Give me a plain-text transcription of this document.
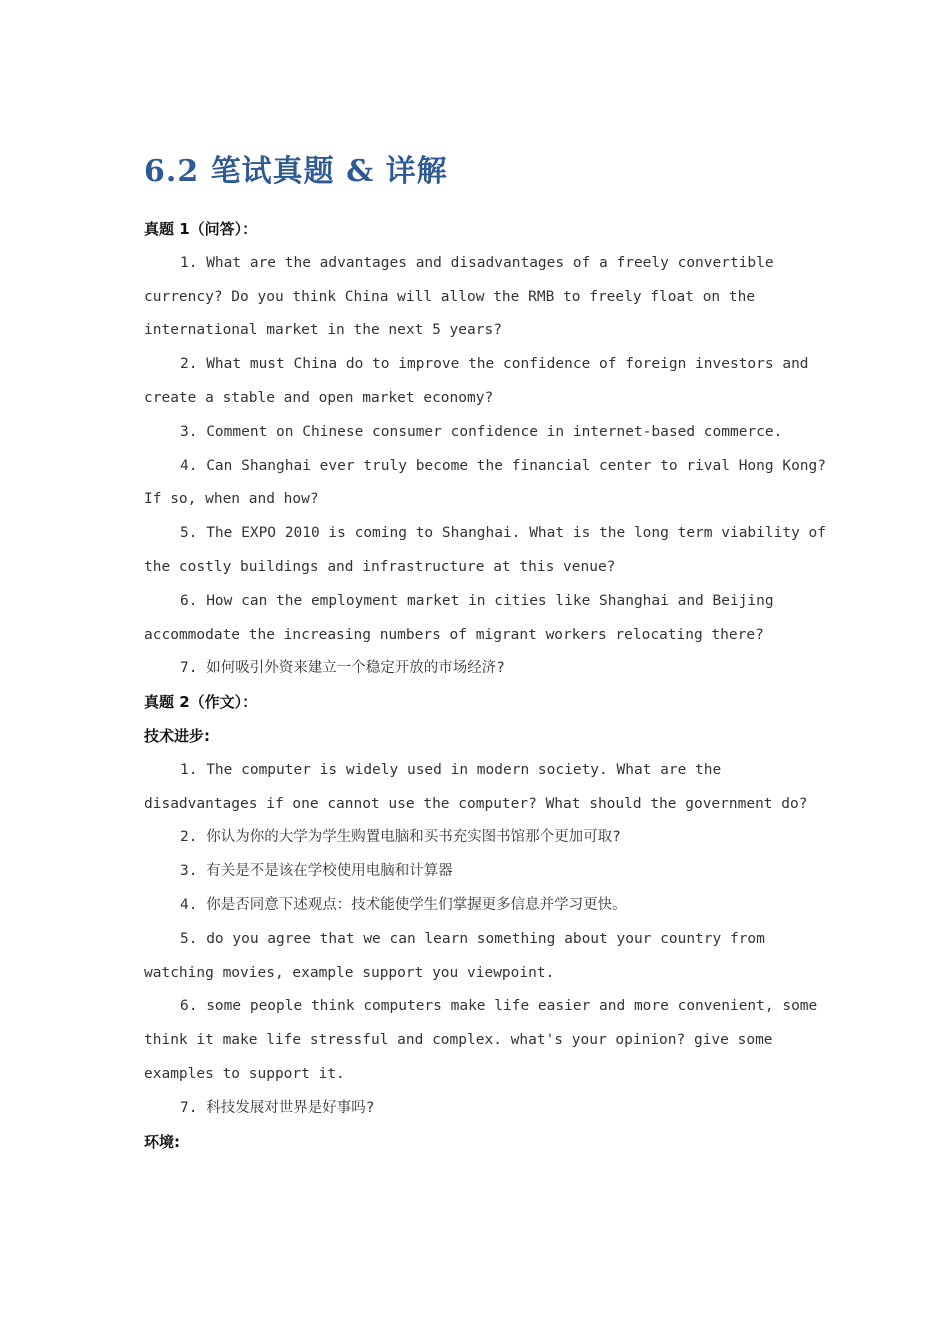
6.2 笔试真题 & 详解
真题 1（问答）：
1. What are the advantages and disadvantages of a freely convertible
currency? Do you think China will allow the RMB to freely float on the
international market in the next 5 years?
2. What must China do to improve the confidence of foreign investors and
create a stable and open market economy?
3. Comment on Chinese consumer confidence in internet-based commerce.
4. Can Shanghai ever truly become the financial center to rival Hong Kong?
If so, when and how?
5. The EXPO 2010 is coming to Shanghai. What is the long term viability of
the costly buildings and infrastructure at this venue?
6. How can the employment market in cities like Shanghai and Beijing
accommodate the increasing numbers of migrant workers relocating there?
7. 如何吸引外资来建立一个稳定开放的市场经济?
真题 2（作文）：
技术进步:
1. The computer is widely used in modern society. What are the
disadvantages if one cannot use the computer? What should the government do?
2. 你认为你的大学为学生购置电脑和买书充实图书馆那个更加可取?
3. 有关是不是该在学校使用电脑和计算器
4. 你是否同意下述观点：技术能使学生们掌握更多信息并学习更快。
5. do you agree that we can learn something about your country from
watching movies, example support you viewpoint.
6. some people think computers make life easier and more convenient, some
think it make life stressful and complex. what's your opinion? give some
examples to support it.
7. 科技发展对世界是好事吗?
环境:
